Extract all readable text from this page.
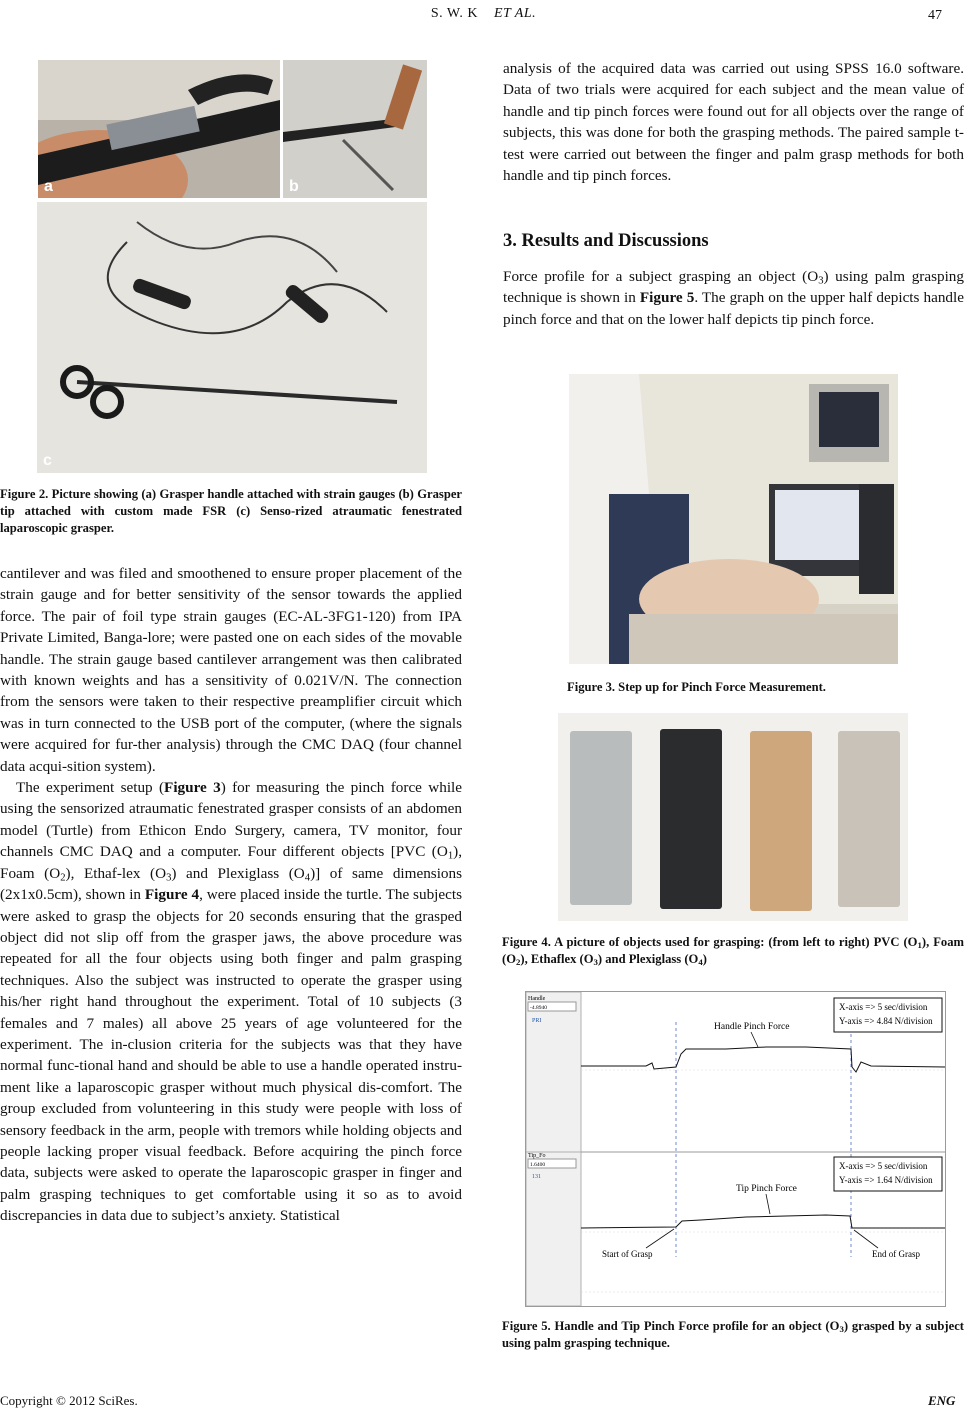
S. W. K ET AL.	47
a	b
c
Figure 2. Picture showing (a) Grasper handle attached with strain gauges (b) Grasper tip attached with custom made FSR (c) Senso-rized atraumatic fenestrated laparoscopic grasper.

cantilever and was filed and smoothened to ensure proper placement of the strain gauge and for better sensitivity of the sensor towards the applied force. The pair of foil type strain gauges (EC-AL-3FG1-120) from IPA Private Limited, Banga-lore; were pasted one on each sides of the movable handle. The strain gauge based cantilever arrangement was then calibrated with known weights and has a sensitivity of 0.021V/N. The connection from the sensors were taken to their respective preamplifier circuit which was in turn connected to the USB port of the computer, (where the signals were acquired for fur-ther analysis) through the CMC DAQ (four channel data acqui-sition system).

The experiment setup (Figure 3) for measuring the pinch force while using the sensorized atraumatic fenestrated grasper consists of an abdomen model (Turtle) from Ethicon Endo Surgery, camera, TV monitor, four channels CMC DAQ and a computer. Four different objects [PVC $(O_1)$, Foam $(O_2)$, Ethaf-lex $(O_3)$ and Plexiglass $(O_4)$] of same dimensions (2x1x0.5cm), shown in Figure 4, were placed inside the turtle. The subjects were asked to grasp the objects for 20 seconds ensuring that the grasped object did not slip off from the grasper jaws, the above procedure was repeated for all the four objects using both finger and palm grasping techniques. Also the subject was instructed to operate the grasper using his/her right hand throughout the experiment. Total of 10 subjects (3 females and 7 males) all above 25 years of age volunteered for the experiment. The in-clusion criteria for the subjects was that they have normal func-tional hand and should be able to use a handle operated instru-ment like a laparoscopic grasper without much physical dis-comfort. The group excluded from volunteering in this study were people with loss of sensory feedback in the arm, people with tremors while holding objects and people lacking proper visual feedback. Before acquiring the pinch force data, subjects were asked to operate the laparoscopic grasper in finger and palm grasping techniques to get comfortable using it so as to avoid discrepancies in data due to subject’s anxiety. Statistical

analysis of the acquired data was carried out using SPSS 16.0 software. Data of two trials were acquired for each subject and the mean value of handle and tip pinch forces were found out for all objects over the range of subjects, this was done for both the grasping methods. The paired sample t- test were carried out between the finger and palm grasp methods for both handle and tip pinch forces.

3. Results and Discussions

Force profile for a subject grasping an object $(O_3)$ using palm grasping technique is shown in Figure 5. The graph on the upper half depicts handle pinch force and that on the lower half depicts tip pinch force.

Figure 3. Step up for Pinch Force Measurement.
Figure 4. A picture of objects used for grasping: (from left to right) PVC $(O_1)$, Foam $(O_2)$, Ethaflex $(O_3)$ and Plexiglass $(O_4)$
Handle
-4.8940
PRI
Tip_Fo
1.6400
131
X-axis => 5 sec/division
Y-axis => 4.84 N/division
X-axis => 5 sec/division
Y-axis => 1.64 N/division
Handle Pinch Force
Tip Pinch Force
Start of Grasp	End of Grasp
Figure 5. Handle and Tip Pinch Force profile for an object $(O_3)$ grasped by a subject using palm grasping technique.
Copyright © 2012 SciRes.	ENG
